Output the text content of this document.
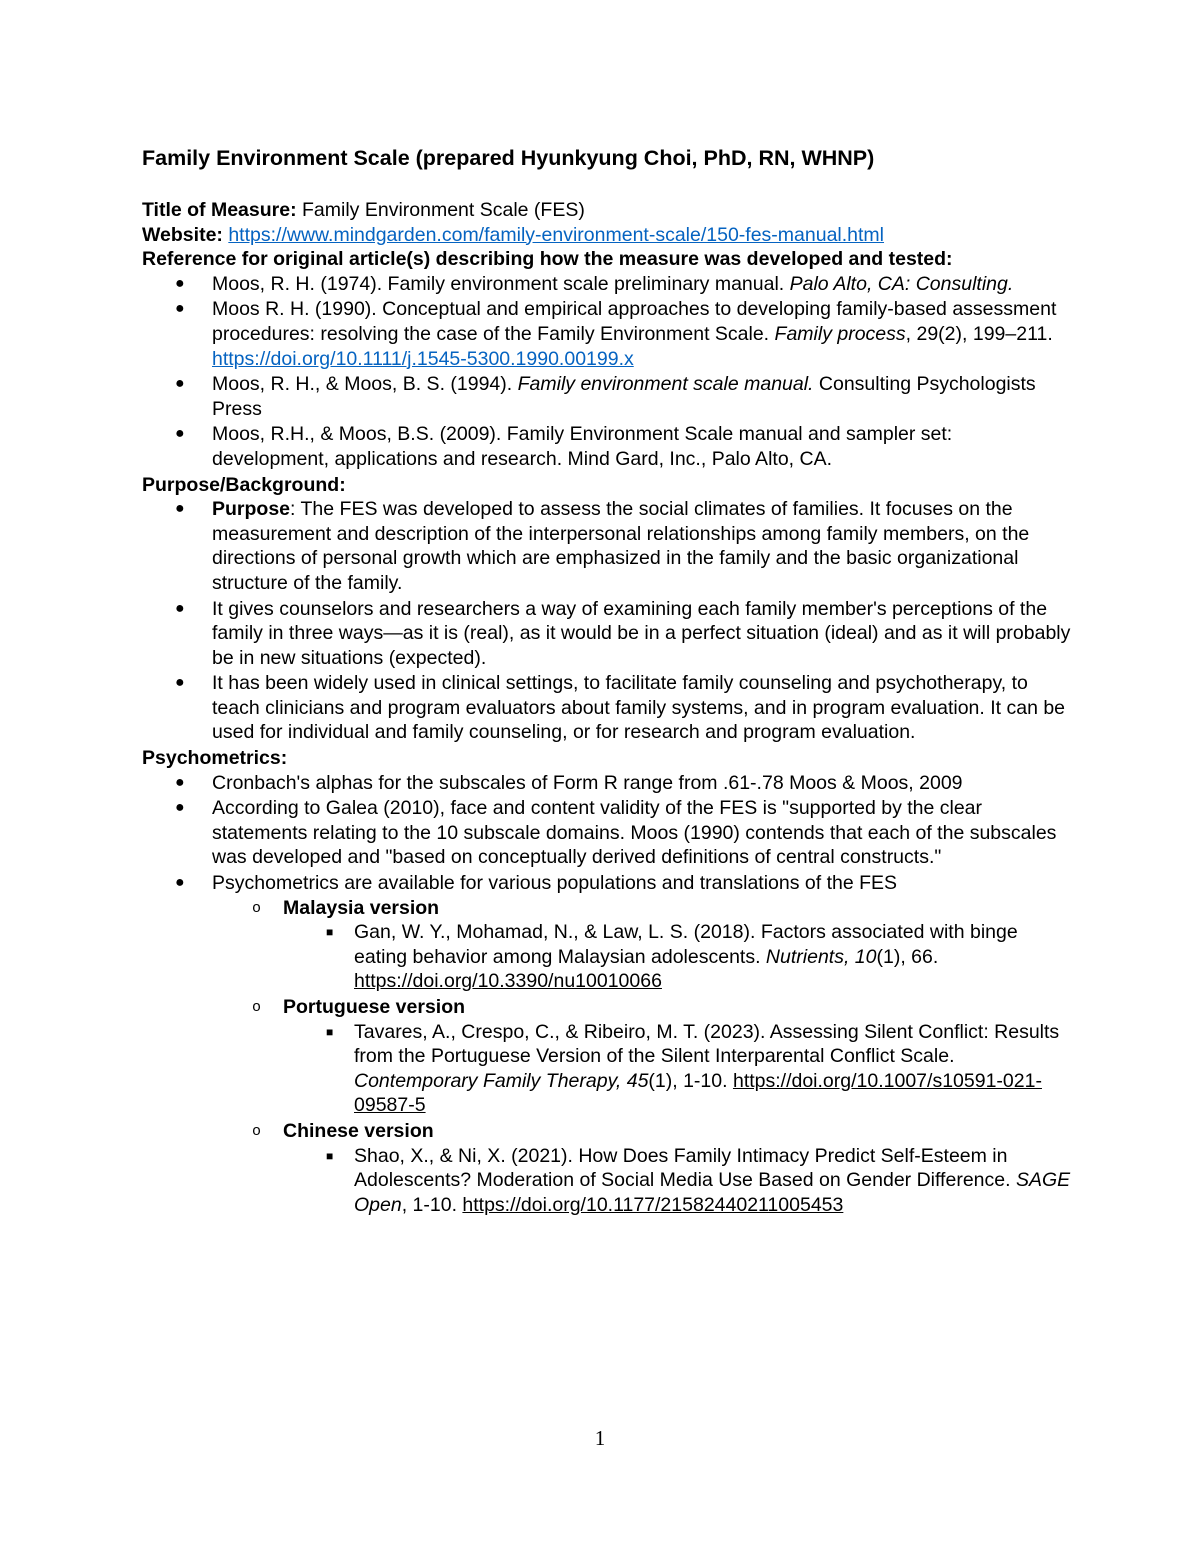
Family Environment Scale (prepared Hyunkyung Choi, PhD, RN, WHNP)

Title of Measure: Family Environment Scale (FES)

Website: https://www.mindgarden.com/family-environment-scale/150-fes-manual.html

Reference for original article(s) describing how the measure was developed and tested:

● Moos, R. H. (1974). Family environment scale preliminary manual. Palo Alto, CA: Consulting.
● Moos R. H. (1990). Conceptual and empirical approaches to developing family-based assessment procedures: resolving the case of the Family Environment Scale. Family process, 29(2), 199–211. https://doi.org/10.1111/j.1545-5300.1990.00199.x
● Moos, R. H., & Moos, B. S. (1994). Family environment scale manual. Consulting Psychologists Press
● Moos, R.H., & Moos, B.S. (2009). Family Environment Scale manual and sampler set: development, applications and research. Mind Gard, Inc., Palo Alto, CA.

Purpose/Background:

● Purpose: The FES was developed to assess the social climates of families. It focuses on the measurement and description of the interpersonal relationships among family members, on the directions of personal growth which are emphasized in the family and the basic organizational structure of the family.
● It gives counselors and researchers a way of examining each family member's perceptions of the family in three ways—as it is (real), as it would be in a perfect situation (ideal) and as it will probably be in new situations (expected).
● It has been widely used in clinical settings, to facilitate family counseling and psychotherapy, to teach clinicians and program evaluators about family systems, and in program evaluation. It can be used for individual and family counseling, or for research and program evaluation.

Psychometrics:

● Cronbach's alphas for the subscales of Form R range from .61-.78 Moos & Moos, 2009
● According to Galea (2010), face and content validity of the FES is "supported by the clear statements relating to the 10 subscale domains. Moos (1990) contends that each of the subscales was developed and "based on conceptually derived definitions of central constructs."
● Psychometrics are available for various populations and translations of the FES
o Malaysia version
■ Gan, W. Y., Mohamad, N., & Law, L. S. (2018). Factors associated with binge eating behavior among Malaysian adolescents. Nutrients, 10(1), 66. https://doi.org/10.3390/nu10010066
o Portuguese version
■ Tavares, A., Crespo, C., & Ribeiro, M. T. (2023). Assessing Silent Conflict: Results from the Portuguese Version of the Silent Interparental Conflict Scale. Contemporary Family Therapy, 45(1), 1-10. https://doi.org/10.1007/s10591-021-09587-5
o Chinese version
■ Shao, X., & Ni, X. (2021). How Does Family Intimacy Predict Self-Esteem in Adolescents? Moderation of Social Media Use Based on Gender Difference. SAGE Open, 1-10. https://doi.org/10.1177/21582440211005453
1
